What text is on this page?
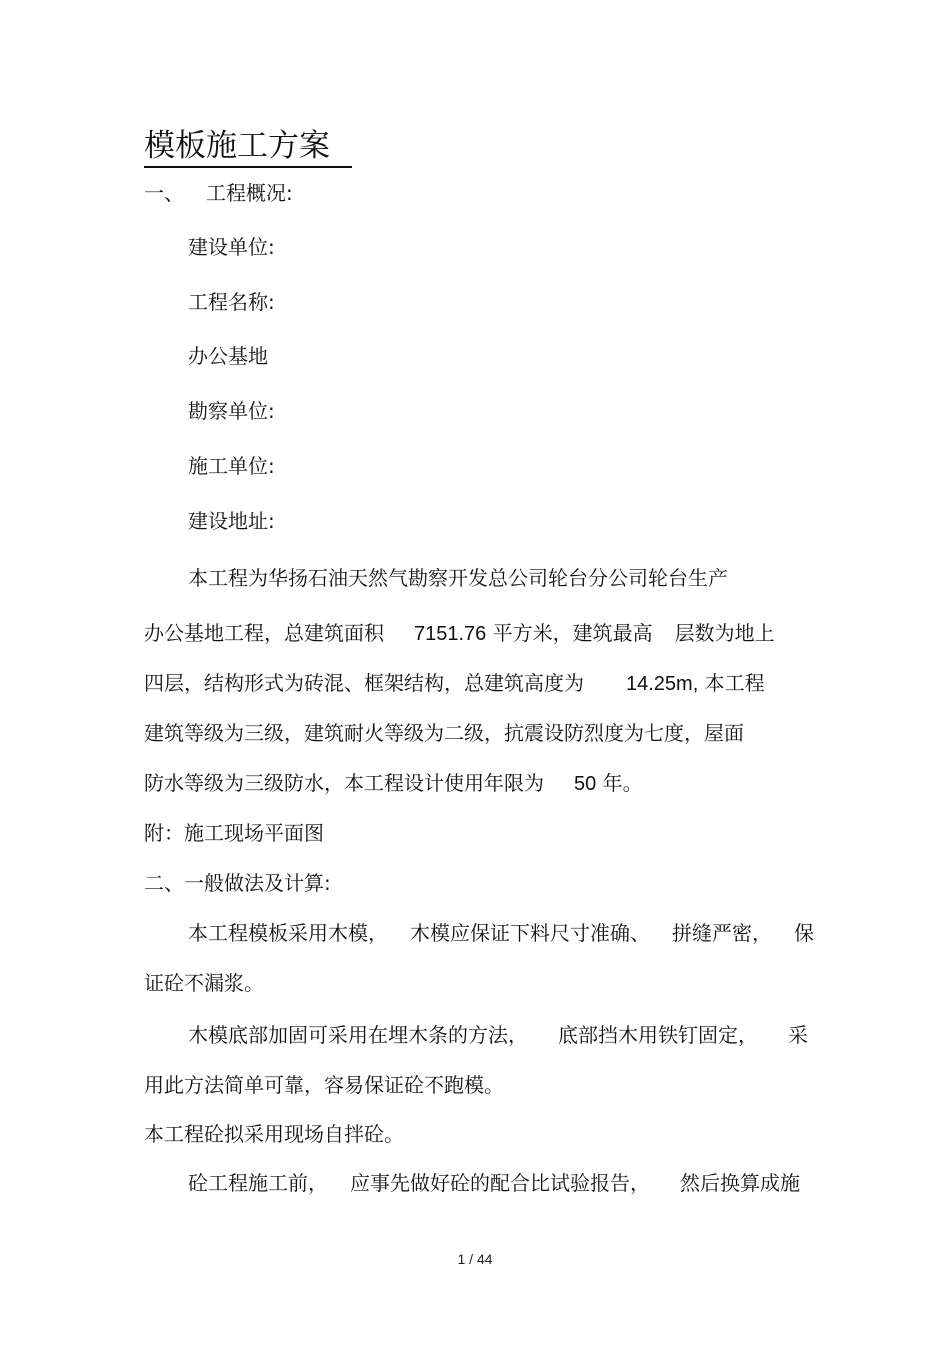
模板施工方案
一、 工程概况:
建设单位:
工程名称:
办公基地
勘察单位:
施工单位:
建设地址:
本工程为华扬石油天然气勘察开发总公司轮台分公司轮台生产
办公基地工程，总建筑面积 7151.76 平方米，建筑最高 层数为地上
四层，结构形式为砖混、框架结构，总建筑高度为 14.25m, 本工程
建筑等级为三级，建筑耐火等级为二级，抗震设防烈度为七度，屋面
防水等级为三级防水，本工程设计使用年限为 50 年。
附：施工现场平面图
二、一般做法及计算:
本工程模板采用木模， 木模应保证下料尺寸准确、 拼缝严密， 保
证砼不漏浆。
木模底部加固可采用在埋木条的方法， 底部挡木用铁钉固定， 采
用此方法简单可靠，容易保证砼不跑模。
本工程砼拟采用现场自拌砼。
砼工程施工前， 应事先做好砼的配合比试验报告， 然后换算成施
1 / 44
